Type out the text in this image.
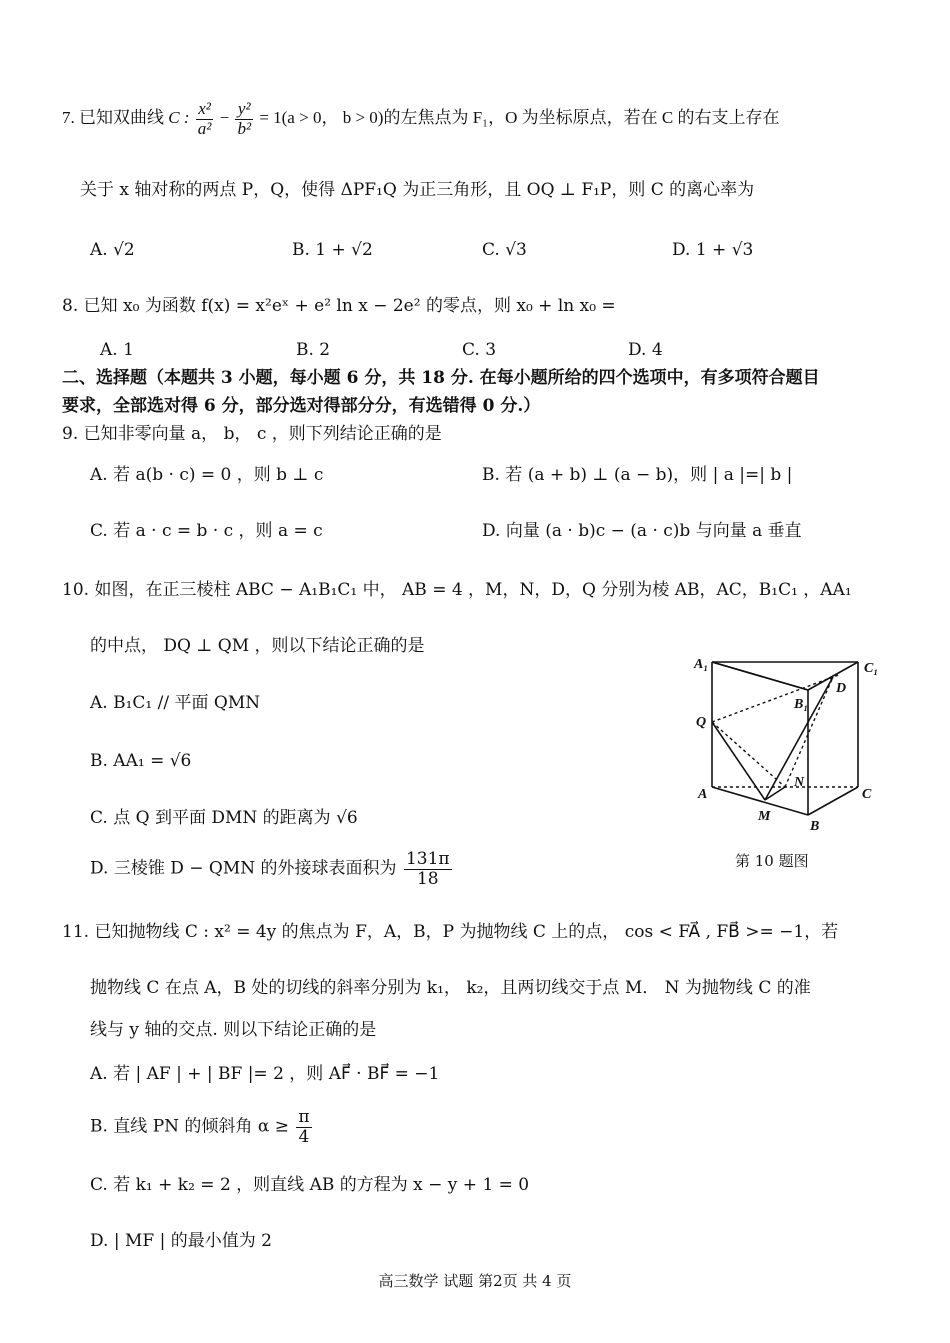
7. 已知双曲线 C : $\frac{\text{x²}}{\text{a²}} - \frac{\text{y²}}{\text{b²}} = 1(a > 0$， b > 0)的左焦点为 F₁，O 为坐标原点，若在 C 的右支上存在
关于 x 轴对称的两点 P，Q，使得 ΔPF₁Q 为正三角形，且 OQ ⊥ F₁P，则 C 的离心率为
A. √2	B. 1 + √2	C. √3	D. 1 + √3
8. 已知 x₀ 为函数 f(x) = x²eˣ + e² ln x − 2e² 的零点，则 x₀ + ln x₀ =
A. 1	B. 2	C. 3	D. 4
二、选择题（本题共 3 小题，每小题 6 分，共 18 分. 在每小题所给的四个选项中，有多项符合题目
要求，全部选对得 6 分，部分选对得部分分，有选错得 0 分.）
9. 已知非零向量 a， b， c ，则下列结论正确的是
A. 若 a(b · c) = 0 ，则 b ⊥ c	B. 若 (a + b) ⊥ (a − b)，则 | a |=| b |
C. 若 a · c = b · c ，则 a = c	D. 向量 (a · b)c − (a · c)b 与向量 a 垂直
10. 如图，在正三棱柱 ABC − A₁B₁C₁ 中， AB = 4 ，M，N，D，Q 分别为棱 AB，AC，B₁C₁ ，AA₁
的中点， DQ ⊥ QM ，则以下结论正确的是
A. B₁C₁ // 平面 QMN
B. AA₁ = √6
C. 点 Q 到平面 DMN 的距离为 √6
D. 三棱锥 D − QMN 的外接球表面积为 $\frac{131\pi}{18}$
A₁	C₁
D
B₁
Q
N
A	C
M
B
第 10 题图
11. 已知抛物线 C : x² = 4y 的焦点为 F，A，B，P 为抛物线 C 上的点， cos < FA⃗ , FB⃗ >= −1，若
抛物线 C 在点 A，B 处的切线的斜率分别为 k₁， k₂，且两切线交于点 M． N 为抛物线 C 的准
线与 y 轴的交点. 则以下结论正确的是
A. 若 | AF | + | BF |= 2 ，则 AF⃗ · BF⃗ = −1
B. 直线 PN 的倾斜角 $\alpha \ge \frac{\pi}{4}$
C. 若 k₁ + k₂ = 2 ，则直线 AB 的方程为 x − y + 1 = 0
D. | MF | 的最小值为 2
高三数学 试题 第2页 共 4 页
